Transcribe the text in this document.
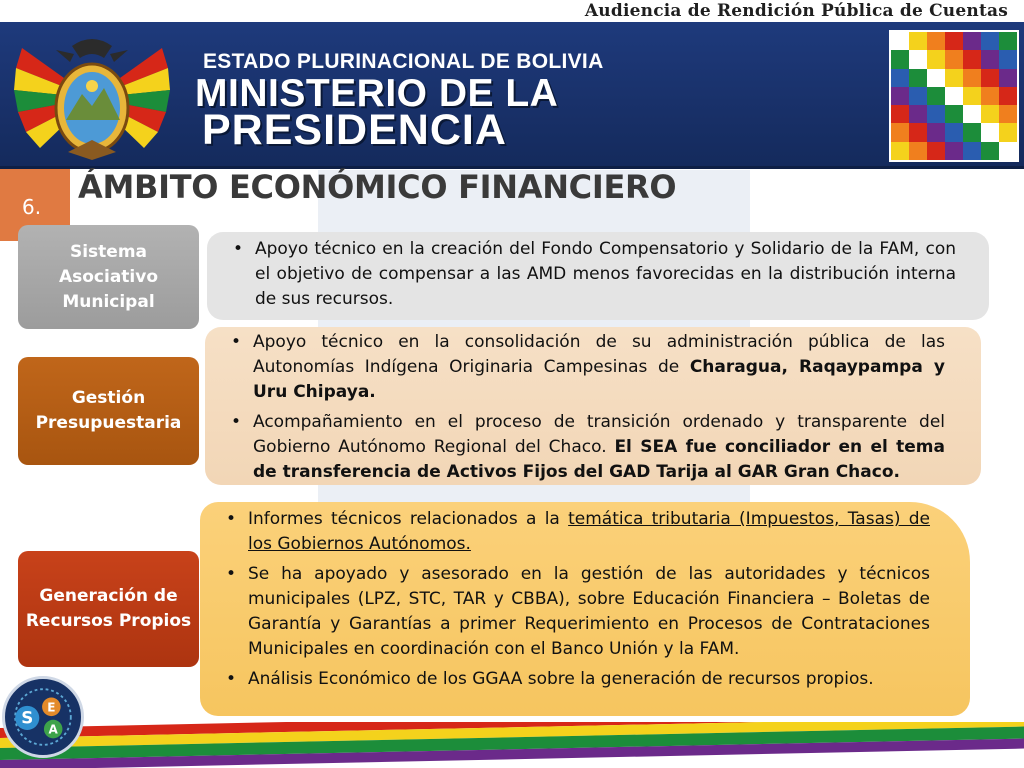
Audiencia de Rendición Pública de Cuentas
ESTADO PLURINACIONAL DE BOLIVIA
MINISTERIO DE LA
PRESIDENCIA
6.
ÁMBITO ECONÓMICO FINANCIERO
Sistema Asociativo Municipal
Gestión Presupuestaria
Generación de Recursos Propios
• Apoyo técnico en la creación del Fondo Compensatorio y Solidario de la FAM, con el objetivo de compensar a las AMD menos favorecidas en la distribución interna de sus recursos.
• Apoyo técnico en la consolidación de su administración pública de las Autonomías Indígena Originaria Campesinas de Charagua, Raqaypampa y Uru Chipaya.
• Acompañamiento en el proceso de transición ordenado y transparente del Gobierno Autónomo Regional del Chaco. El SEA fue conciliador en el tema de transferencia de Activos Fijos del GAD Tarija al GAR Gran Chaco.
• Informes técnicos relacionados a la temática tributaria (Impuestos, Tasas) de los Gobiernos Autónomos.
• Se ha apoyado y asesorado en la gestión de las autoridades y técnicos municipales (LPZ, STC, TAR y CBBA), sobre Educación Financiera – Boletas de Garantía y Garantías a primer Requerimiento en Procesos de Contrataciones Municipales en coordinación con el Banco Unión y la FAM.
• Análisis Económico de los GGAA sobre la generación de recursos propios.
S
E
A
